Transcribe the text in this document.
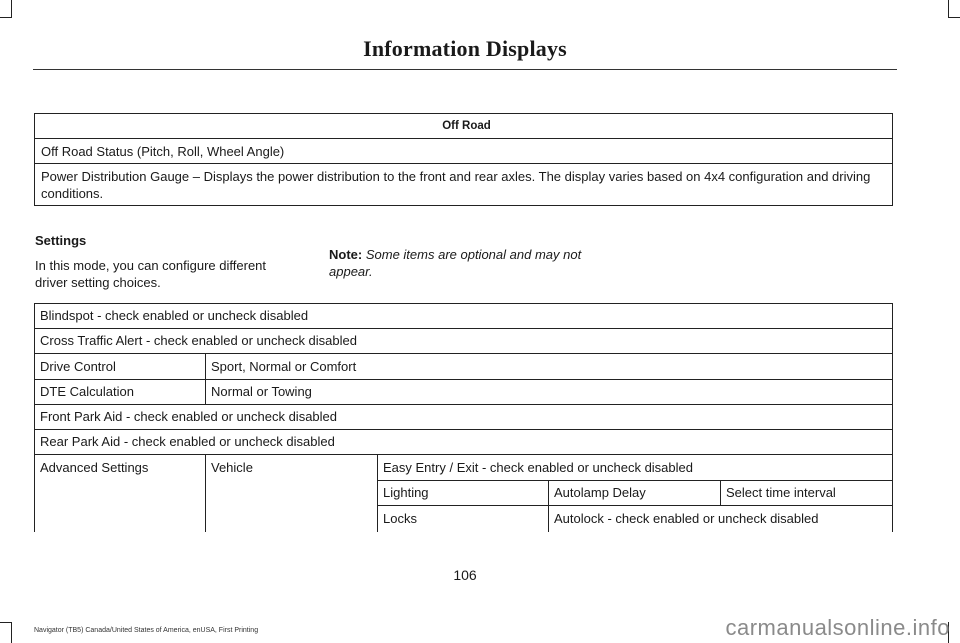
Information Displays
Off Road
Off Road Status (Pitch, Roll, Wheel Angle)
Power Distribution Gauge – Displays the power distribution to the front and rear axles. The display varies based on 4x4 configuration and driving conditions.
Settings
In this mode, you can configure different driver setting choices.
Note: Some items are optional and may not appear.
Blindspot - check enabled or uncheck disabled
Cross Traffic Alert - check enabled or uncheck disabled
Drive Control	Sport, Normal or Comfort
DTE Calculation	Normal or Towing
Front Park Aid - check enabled or uncheck disabled
Rear Park Aid - check enabled or uncheck disabled
Advanced Settings	Vehicle	Easy Entry / Exit - check enabled or uncheck disabled
Lighting	Autolamp Delay	Select time interval
Locks	Autolock - check enabled or uncheck disabled
106
Navigator (TB5) Canada/United States of America, enUSA, First Printing	carmanualsonline.info
